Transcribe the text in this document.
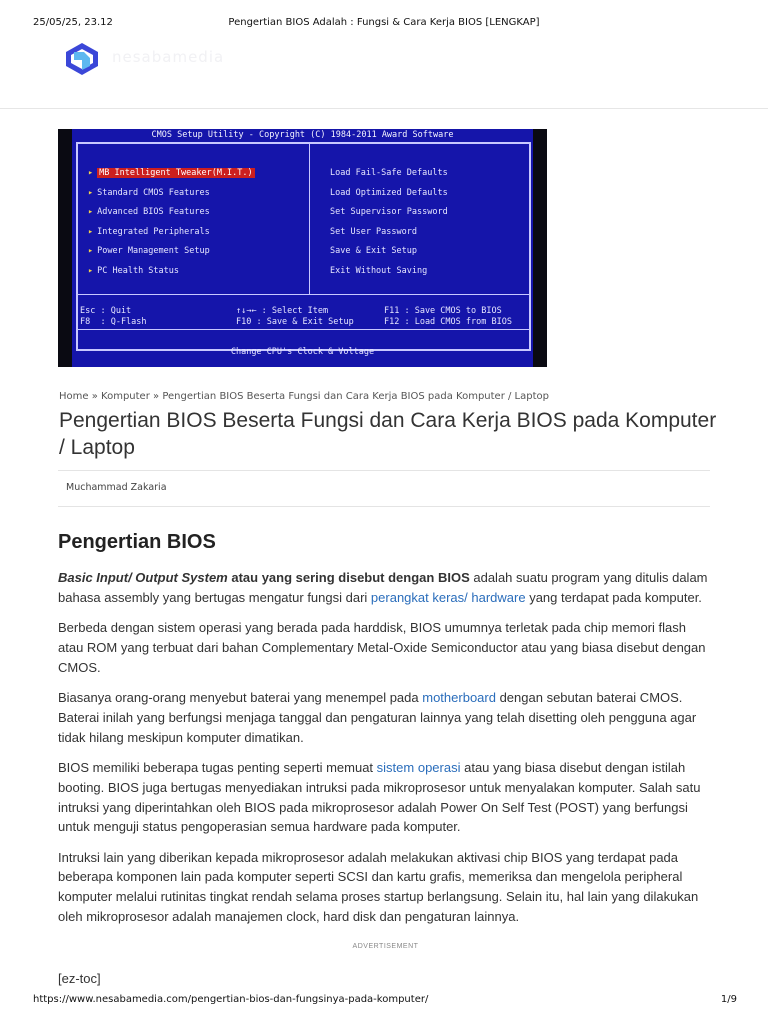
25/05/25, 23.12	Pengertian BIOS Adalah : Fungsi & Cara Kerja BIOS [LENGKAP]
nesabamedia
CMOS Setup Utility - Copyright (C) 1984-2011 Award Software
▸ MB Intelligent Tweaker(M.I.T.)
▸ Standard CMOS Features
▸ Advanced BIOS Features
▸ Integrated Peripherals
▸ Power Management Setup
▸ PC Health Status
Load Fail-Safe Defaults
Load Optimized Defaults
Set Supervisor Password
Set User Password
Save & Exit Setup
Exit Without Saving
Esc : Quit
F8  : Q-Flash
↑↓→← : Select Item
F10 : Save & Exit Setup
F11 : Save CMOS to BIOS
F12 : Load CMOS from BIOS
Change CPU's Clock & Voltage
Home » Komputer » Pengertian BIOS Beserta Fungsi dan Cara Kerja BIOS pada Komputer / Laptop
Pengertian BIOS Beserta Fungsi dan Cara Kerja BIOS pada Komputer / Laptop
Muchammad Zakaria
Pengertian BIOS

Basic Input/ Output System atau yang sering disebut dengan BIOS adalah suatu program yang ditulis dalam bahasa assembly yang bertugas mengatur fungsi dari perangkat keras/ hardware yang terdapat pada komputer.

Berbeda dengan sistem operasi yang berada pada harddisk, BIOS umumnya terletak pada chip memori flash atau ROM yang terbuat dari bahan Complementary Metal-Oxide Semiconductor atau yang biasa disebut dengan CMOS.

Biasanya orang-orang menyebut baterai yang menempel pada motherboard dengan sebutan baterai CMOS. Baterai inilah yang berfungsi menjaga tanggal dan pengaturan lainnya yang telah disetting oleh pengguna agar tidak hilang meskipun komputer dimatikan.

BIOS memiliki beberapa tugas penting seperti memuat sistem operasi atau yang biasa disebut dengan istilah booting. BIOS juga bertugas menyediakan intruksi pada mikroprosesor untuk menyalakan komputer. Salah satu intruksi yang diperintahkan oleh BIOS pada mikroprosesor adalah Power On Self Test (POST) yang berfungsi untuk menguji status pengoperasian semua hardware pada komputer.

Intruksi lain yang diberikan kepada mikroprosesor adalah melakukan aktivasi chip BIOS yang terdapat pada beberapa komponen lain pada komputer seperti SCSI dan kartu grafis, memeriksa dan mengelola peripheral komputer melalui rutinitas tingkat rendah selama proses startup berlangsung. Selain itu, hal lain yang dilakukan oleh mikroprosesor adalah manajemen clock, hard disk dan pengaturan lainnya.

ADVERTISEMENT

[ez-toc]

https://www.nesabamedia.com/pengertian-bios-dan-fungsinya-pada-komputer/	1/9
